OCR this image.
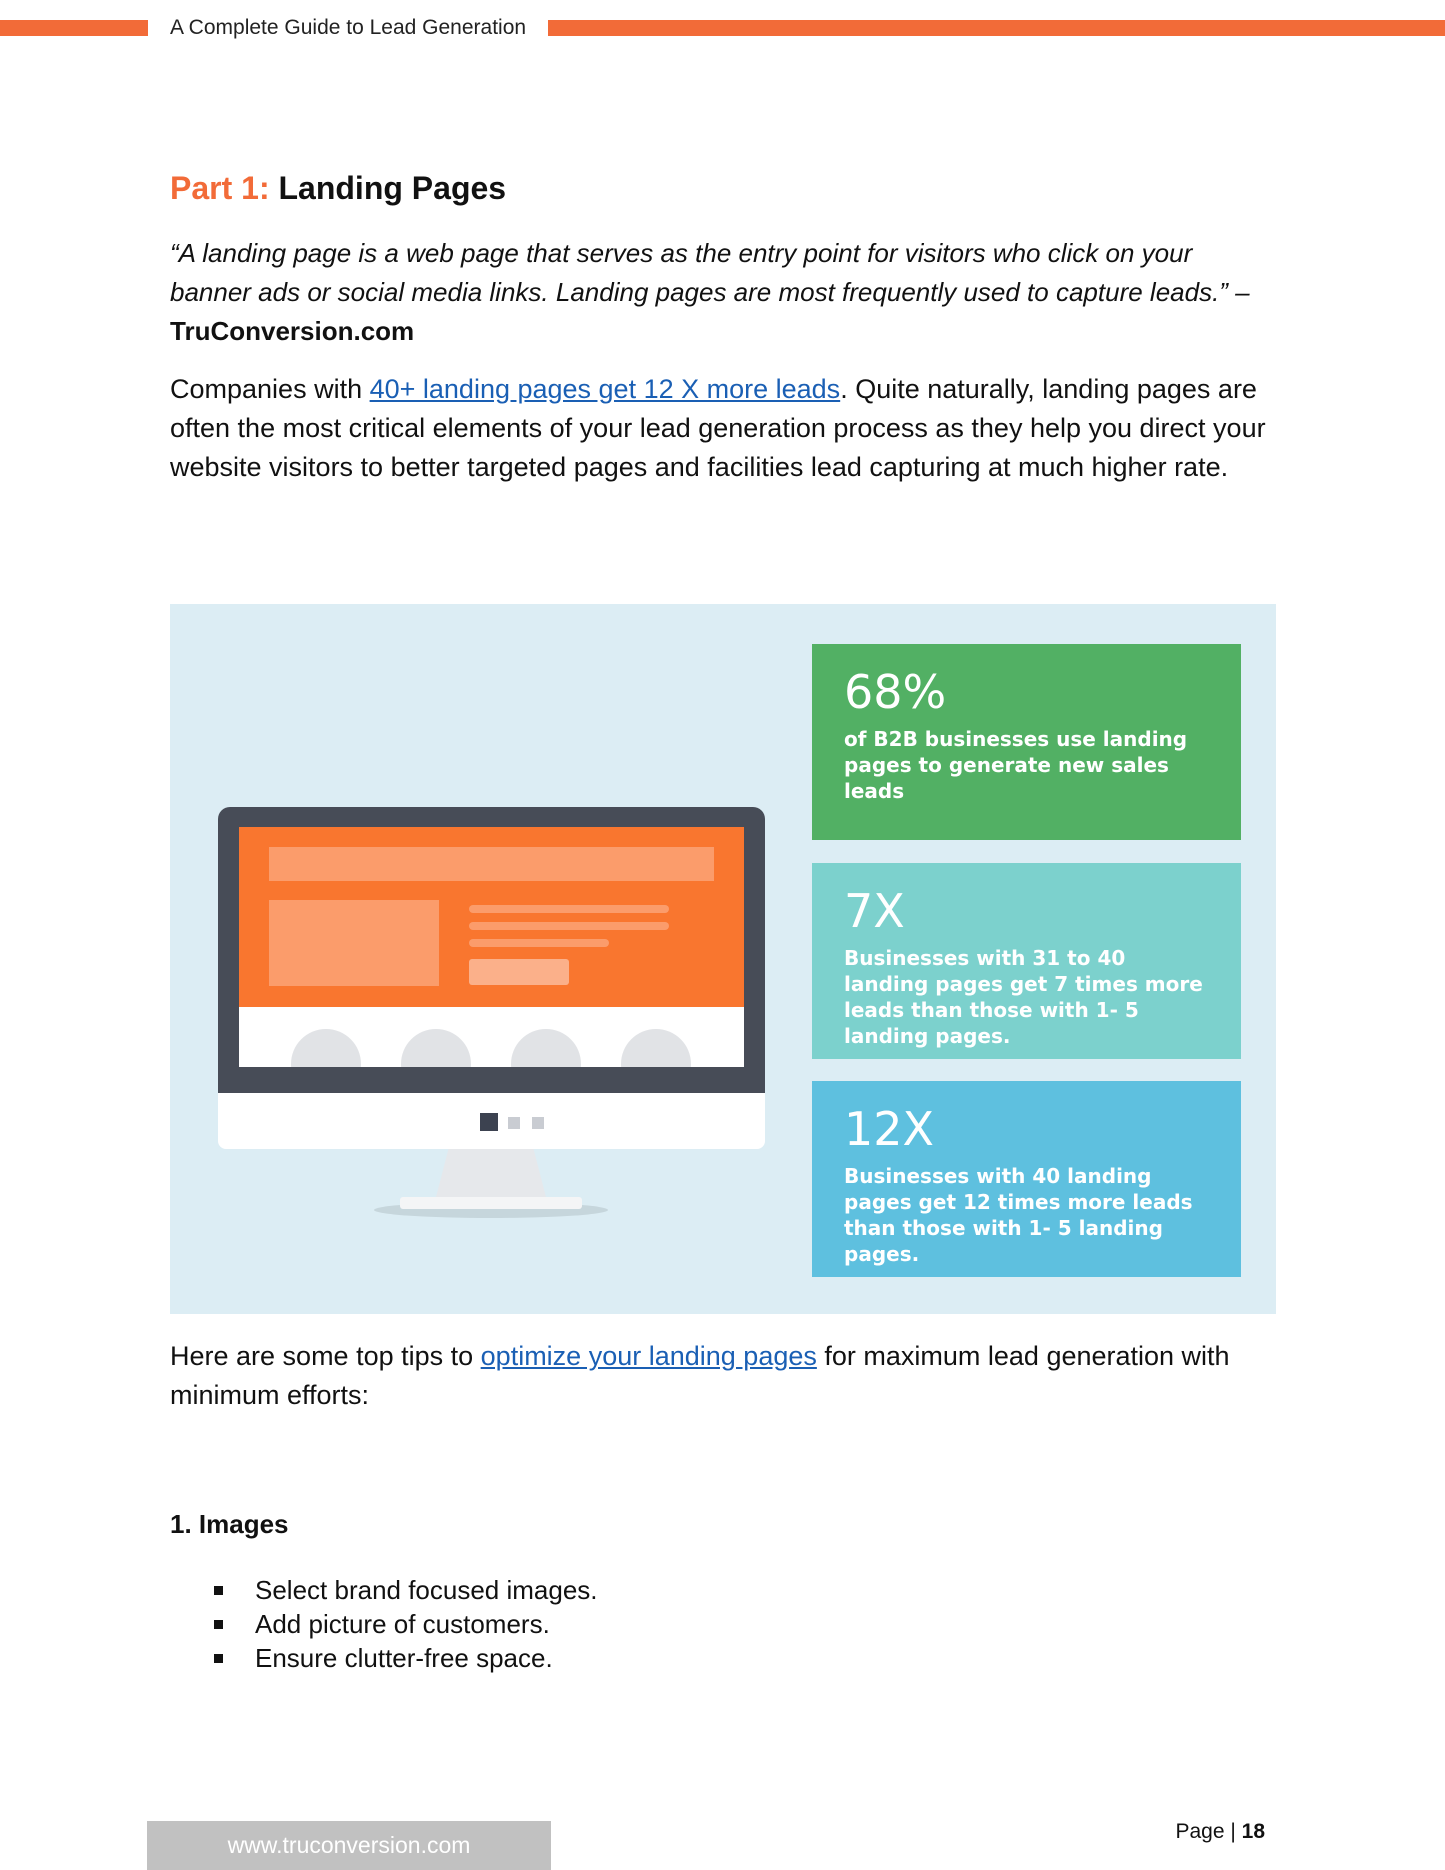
A Complete Guide to Lead Generation
Part 1: Landing Pages

“A landing page is a web page that serves as the entry point for visitors who click on your banner ads or social media links. Landing pages are most frequently used to capture leads.” –
TruConversion.com

Companies with 40+ landing pages get 12 X more leads. Quite naturally, landing pages are often the most critical elements of your lead generation process as they help you direct your website visitors to better targeted pages and facilities lead capturing at much higher rate.

68%
of B2B businesses use landing pages to generate new sales leads
7X
Businesses with 31 to 40 landing pages get 7 times more leads than those with 1- 5 landing pages.
12X
Businesses with 40 landing pages get 12 times more leads than those with 1- 5 landing pages.

Here are some top tips to optimize your landing pages for maximum lead generation with minimum efforts:

1. Images
Select brand focused images.
Add picture of customers.
Ensure clutter-free space.
www.truconversion.com
Page | 18
